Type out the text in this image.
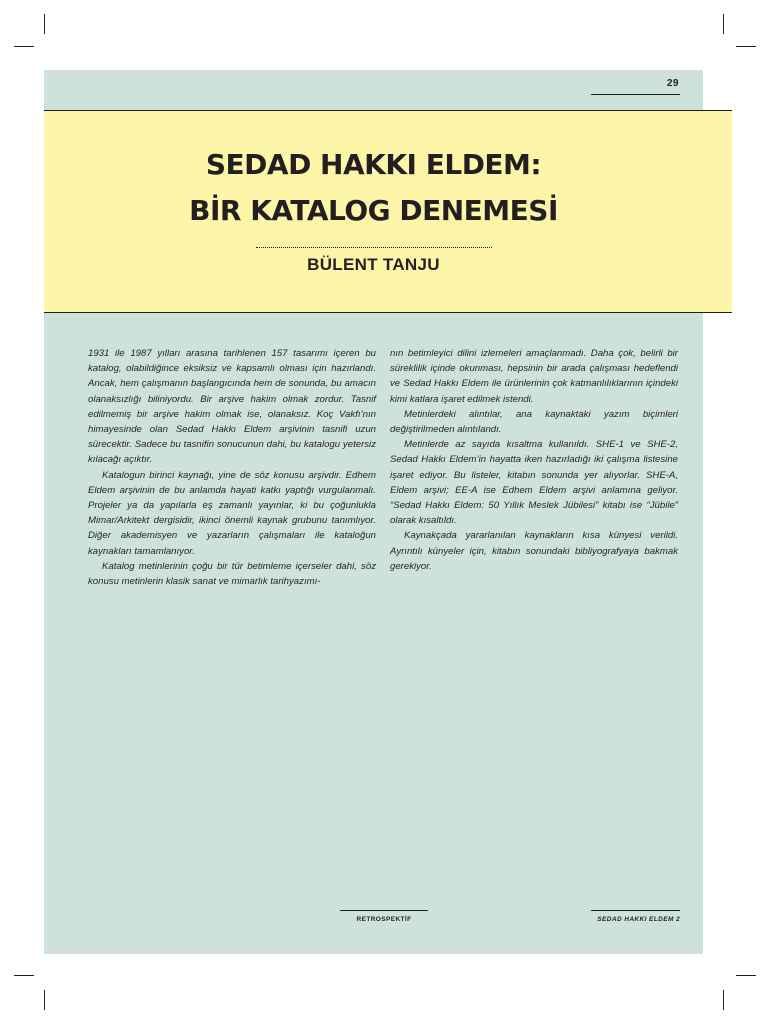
29
SEDAD HAKKI ELDEM:
BİR KATALOG DENEMESİ
BÜLENT TANJU

1931 ile 1987 yılları arasına tarihlenen 157 tasarımı içeren bu katalog, olabildiğince eksiksiz ve kapsamlı olması için hazırlandı. Ancak, hem çalışmanın başlangıcında hem de sonunda, bu amacın olanaksızlığı biliniyordu. Bir arşive hakim olmak zordur. Tasnif edilmemiş bir arşive hakim olmak ise, olanaksız. Koç Vakfı’nın himayesinde olan Sedad Hakkı Eldem arşivinin tasnifi uzun sürecektir. Sadece bu tasnifin sonucunun dahi, bu katalogu yetersiz kılacağı açıktır.

Katalogun birinci kaynağı, yine de söz konusu arşivdir. Edhem Eldem arşivinin de bu anlamda hayati katkı yaptığı vurgulanmalı. Projeler ya da yapılarla eş zamanlı yayınlar, ki bu çoğunlukla Mimar/Arkitekt dergisidir, ikinci önemli kaynak grubunu tanımlıyor. Diğer akademisyen ve yazarların çalışmaları ile kataloğun kaynakları tamamlanıyor.

Katalog metinlerinin çoğu bir tür betimleme içerseler dahi, söz konusu metinlerin klasik sanat ve mimarlık tarihyazımı-

nın betimleyici dilini izlemeleri amaçlanmadı. Daha çok, belirli bir süreklilik içinde okunması, hepsinin bir arada çalışması hedeflendi ve Sedad Hakkı Eldem ile ürünlerinin çok katmanlılıklarının içindeki kimi katlara işaret edilmek istendi.

Metinlerdeki alıntılar, ana kaynaktaki yazım biçimleri değiştirilmeden alıntılandı.

Metinlerde az sayıda kısaltma kullanıldı. SHE-1 ve SHE-2, Sedad Hakkı Eldem’in hayatta iken hazırladığı iki çalışma listesine işaret ediyor. Bu listeler, kitabın sonunda yer alıyorlar. SHE-A, Eldem arşivi; EE-A ise Edhem Eldem arşivi anlamına geliyor. “Sedad Hakkı Eldem: 50 Yıllık Meslek Jübilesi” kitabı ise “Jübile” olarak kısaltıldı.

Kaynakçada yararlanılan kaynakların kısa künyesi verildi. Ayrıntılı künyeler için, kitabın sonundaki bibliyografyaya bakmak gerekiyor.

RETROSPEKTİF	SEDAD HAKKI ELDEM 2
